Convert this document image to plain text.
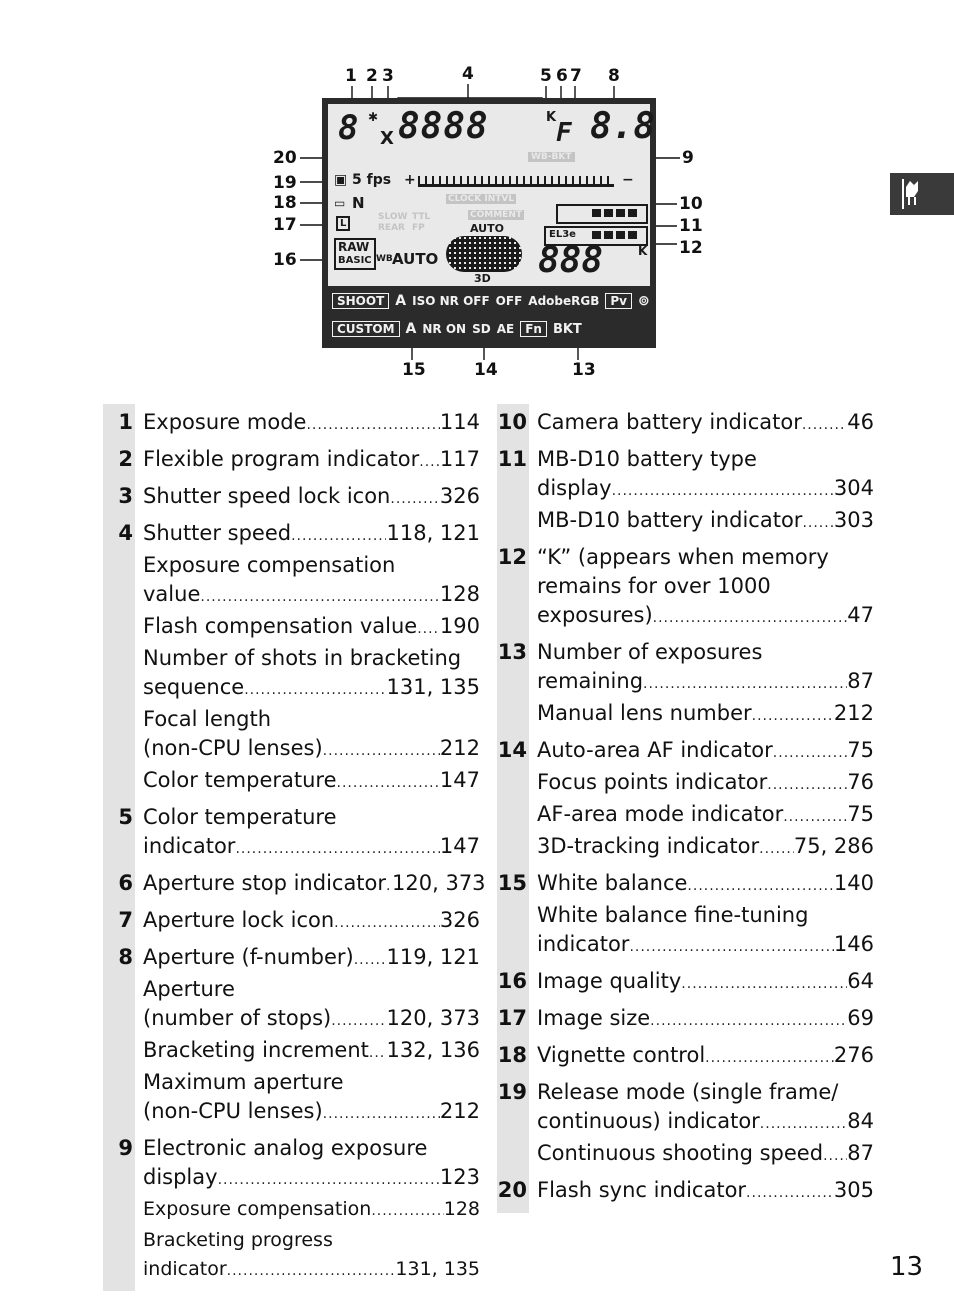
1 2 3	4	5 6 7 8
9
10
11
12
13
14
15
16
17
18
19
20
8 ✱
X 8888	K
F 8.8
WB-BKT
▣ 5 fps +	−
▭ N
L
SLOW REAR
TTL FP
CLOCK INTVL
COMMENT
RAW
BASIC WB AUTO
AUTO
3D
EL3e
888	K
SHOOT A ISO NR OFF OFF AdobeRGB Pv ⊚
CUSTOM A NR ON SD AE Fn BKT
1 Exposure mode .....	114
2 Flexible program indicator ..... 117
3 Shutter speed lock icon ..... 326
4 Shutter speed .....	118, 121
Exposure compensation
value .....	128
Flash compensation value ..... 190
Number of shots in bracketing
sequence .....	131, 135
Focal length
(non-CPU lenses) .....	212
Color temperature .....	147
5 Color temperature
indicator .....	147
6 Aperture stop indicator ..... 120, 373
7 Aperture lock icon .....	326
8 Aperture (f-number) ..... 119, 121
Aperture
(number of stops) .....	120, 373
Bracketing increment ..... 132, 136
Maximum aperture
(non-CPU lenses) .....	212
9 Electronic analog exposure
display .....	123
Exposure compensation .....	128
Bracketing progress
indicator .....	131, 135
10 Camera battery indicator ..... 46
11 MB-D10 battery type
display .....	304
MB-D10 battery indicator ..... 303
12 “K” (appears when memory
remains for over 1000
exposures) .....	47
13 Number of exposures
remaining .....	87
Manual lens number .....	212
14 Auto-area AF indicator .....	75
Focus points indicator .....	76
AF-area mode indicator .....	75
3D-tracking indicator ..... 75, 286
15 White balance .....	140
White balance fine-tuning
indicator .....	146
16 Image quality .....	64
17 Image size .....	69
18 Vignette control .....	276
19 Release mode (single frame/
continuous) indicator .....	84
Continuous shooting speed ..... 87
20 Flash sync indicator .....	305
13
